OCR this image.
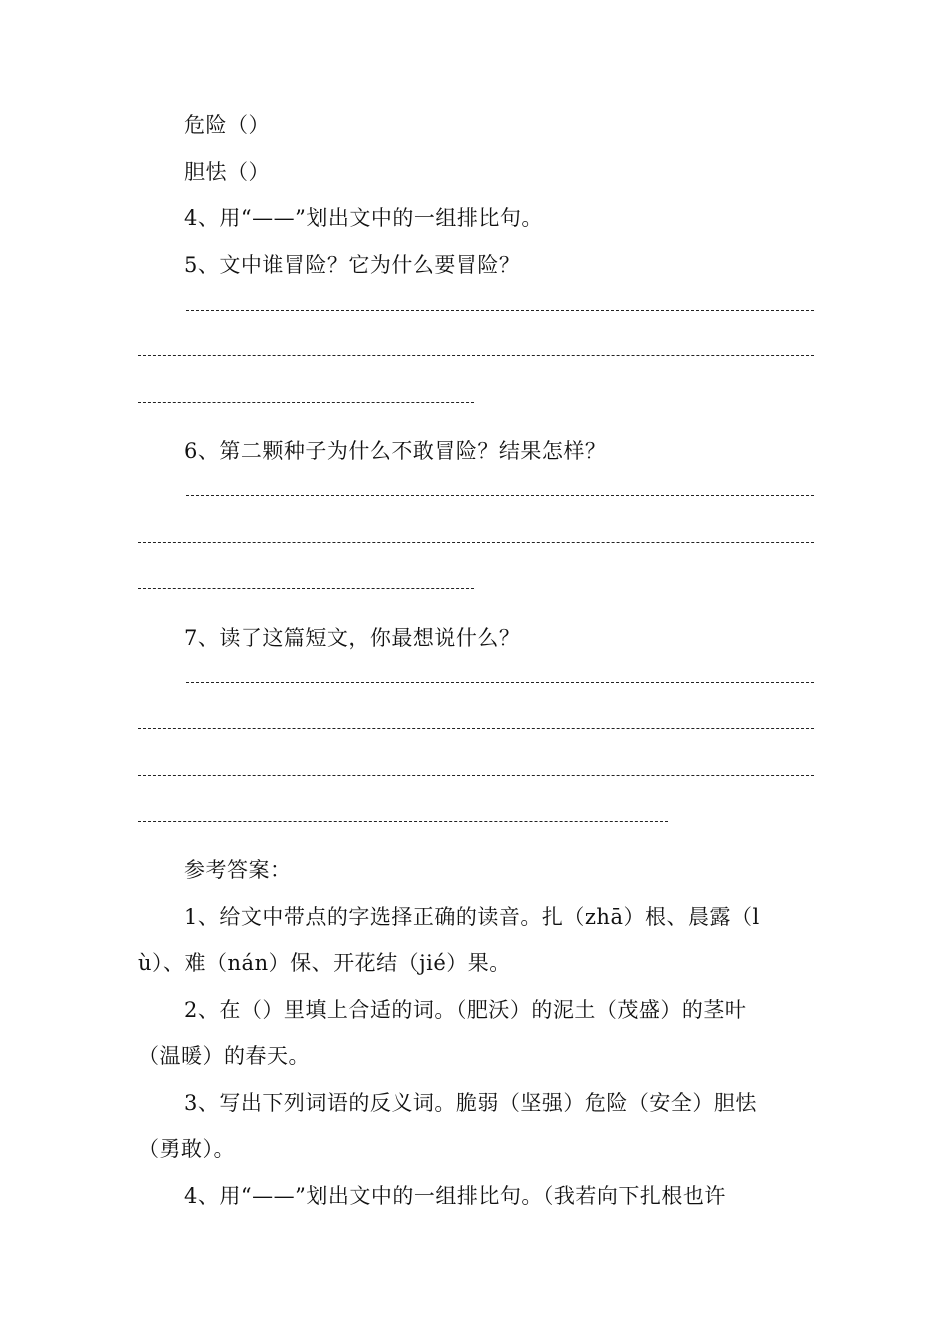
危险（）
胆怯（）
4、用“——”划出文中的一组排比句。
5、文中谁冒险？它为什么要冒险？
6、第二颗种子为什么不敢冒险？结果怎样？
7、读了这篇短文，你最想说什么？
参考答案：
1、给文中带点的字选择正确的读音。扎（zhā）根、晨露（l
ù）、难（nán）保、开花结（jié）果。
2、在（）里填上合适的词。（肥沃）的泥土（茂盛）的茎叶
（温暖）的春天。
3、写出下列词语的反义词。脆弱（坚强）危险（安全）胆怯
（勇敢）。
4、用“——”划出文中的一组排比句。（我若向下扎根也许
